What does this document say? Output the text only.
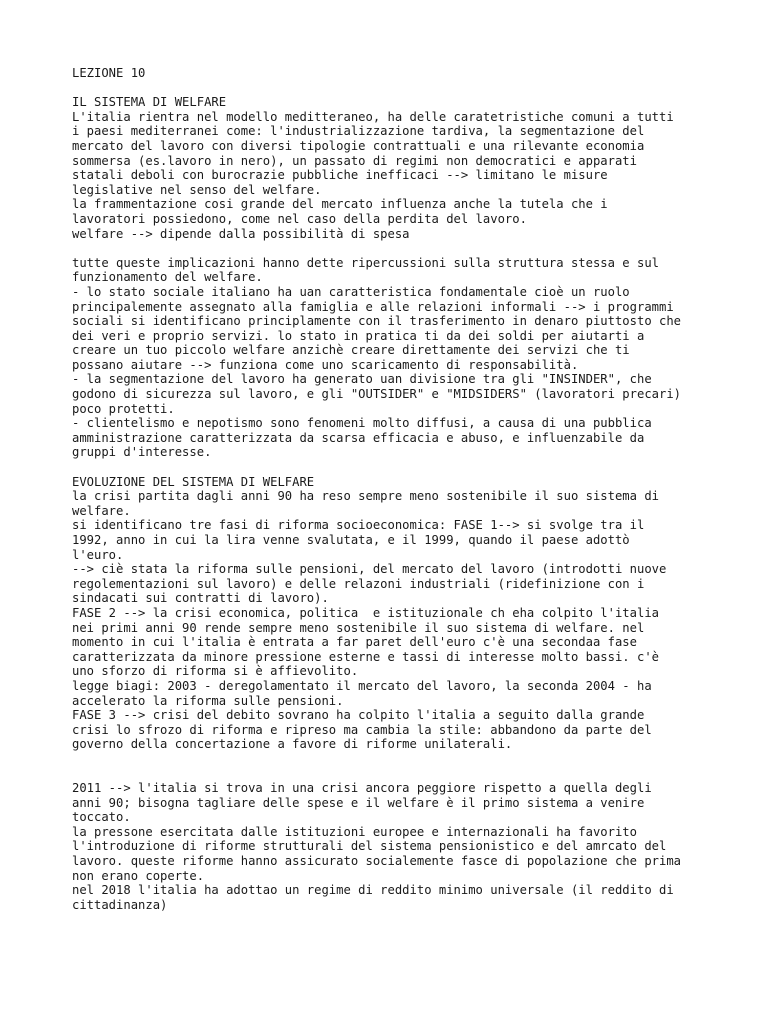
LEZIONE 10
IL SISTEMA DI WELFARE
L'italia rientra nel modello meditteraneo, ha delle caratetristiche comuni a tutti
i paesi mediterranei come: l'industrializzazione tardiva, la segmentazione del
mercato del lavoro con diversi tipologie contrattuali e una rilevante economia
sommersa (es.lavoro in nero), un passato di regimi non democratici e apparati
statali deboli con burocrazie pubbliche inefficaci --> limitano le misure
legislative nel senso del welfare.
la frammentazione cosi grande del mercato influenza anche la tutela che i
lavoratori possiedono, come nel caso della perdita del lavoro.
welfare --> dipende dalla possibilità di spesa
tutte queste implicazioni hanno dette ripercussioni sulla struttura stessa e sul
funzionamento del welfare.
- lo stato sociale italiano ha uan caratteristica fondamentale cioè un ruolo
principalemente assegnato alla famiglia e alle relazioni informali --> i programmi
sociali si identificano principlamente con il trasferimento in denaro piuttosto che
dei veri e proprio servizi. lo stato in pratica ti da dei soldi per aiutarti a
creare un tuo piccolo welfare anzichè creare direttamente dei servizi che ti
possano aiutare --> funziona come uno scaricamento di responsabilità.
- la segmentazione del lavoro ha generato uan divisione tra gli "INSINDER", che
godono di sicurezza sul lavoro, e gli "OUTSIDER" e "MIDSIDERS" (lavoratori precari)
poco protetti.
- clientelismo e nepotismo sono fenomeni molto diffusi, a causa di una pubblica
amministrazione caratterizzata da scarsa efficacia e abuso, e influenzabile da
gruppi d'interesse.
EVOLUZIONE DEL SISTEMA DI WELFARE
la crisi partita dagli anni 90 ha reso sempre meno sostenibile il suo sistema di
welfare.
si identificano tre fasi di riforma socioeconomica: FASE 1--> si svolge tra il
1992, anno in cui la lira venne svalutata, e il 1999, quando il paese adottò
l'euro.
--> ciè stata la riforma sulle pensioni, del mercato del lavoro (introdotti nuove
regolementazioni sul lavoro) e delle relazoni industriali (ridefinizione con i
sindacati sui contratti di lavoro).
FASE 2 --> la crisi economica, politica  e istituzionale ch eha colpito l'italia
nei primi anni 90 rende sempre meno sostenibile il suo sistema di welfare. nel
momento in cui l'italia è entrata a far paret dell'euro c'è una secondaa fase
caratterizzata da minore pressione esterne e tassi di interesse molto bassi. c'è
uno sforzo di riforma si è affievolito.
legge biagi: 2003 - deregolamentato il mercato del lavoro, la seconda 2004 - ha
accelerato la riforma sulle pensioni.
FASE 3 --> crisi del debito sovrano ha colpito l'italia a seguito dalla grande
crisi lo sfrozo di riforma e ripreso ma cambia la stile: abbandono da parte del
governo della concertazione a favore di riforme unilaterali.
2011 --> l'italia si trova in una crisi ancora peggiore rispetto a quella degli
anni 90; bisogna tagliare delle spese e il welfare è il primo sistema a venire
toccato.
la pressone esercitata dalle istituzioni europee e internazionali ha favorito
l'introduzione di riforme strutturali del sistema pensionistico e del amrcato del
lavoro. queste riforme hanno assicurato socialemente fasce di popolazione che prima
non erano coperte.
nel 2018 l'italia ha adottao un regime di reddito minimo universale (il reddito di
cittadinanza)
